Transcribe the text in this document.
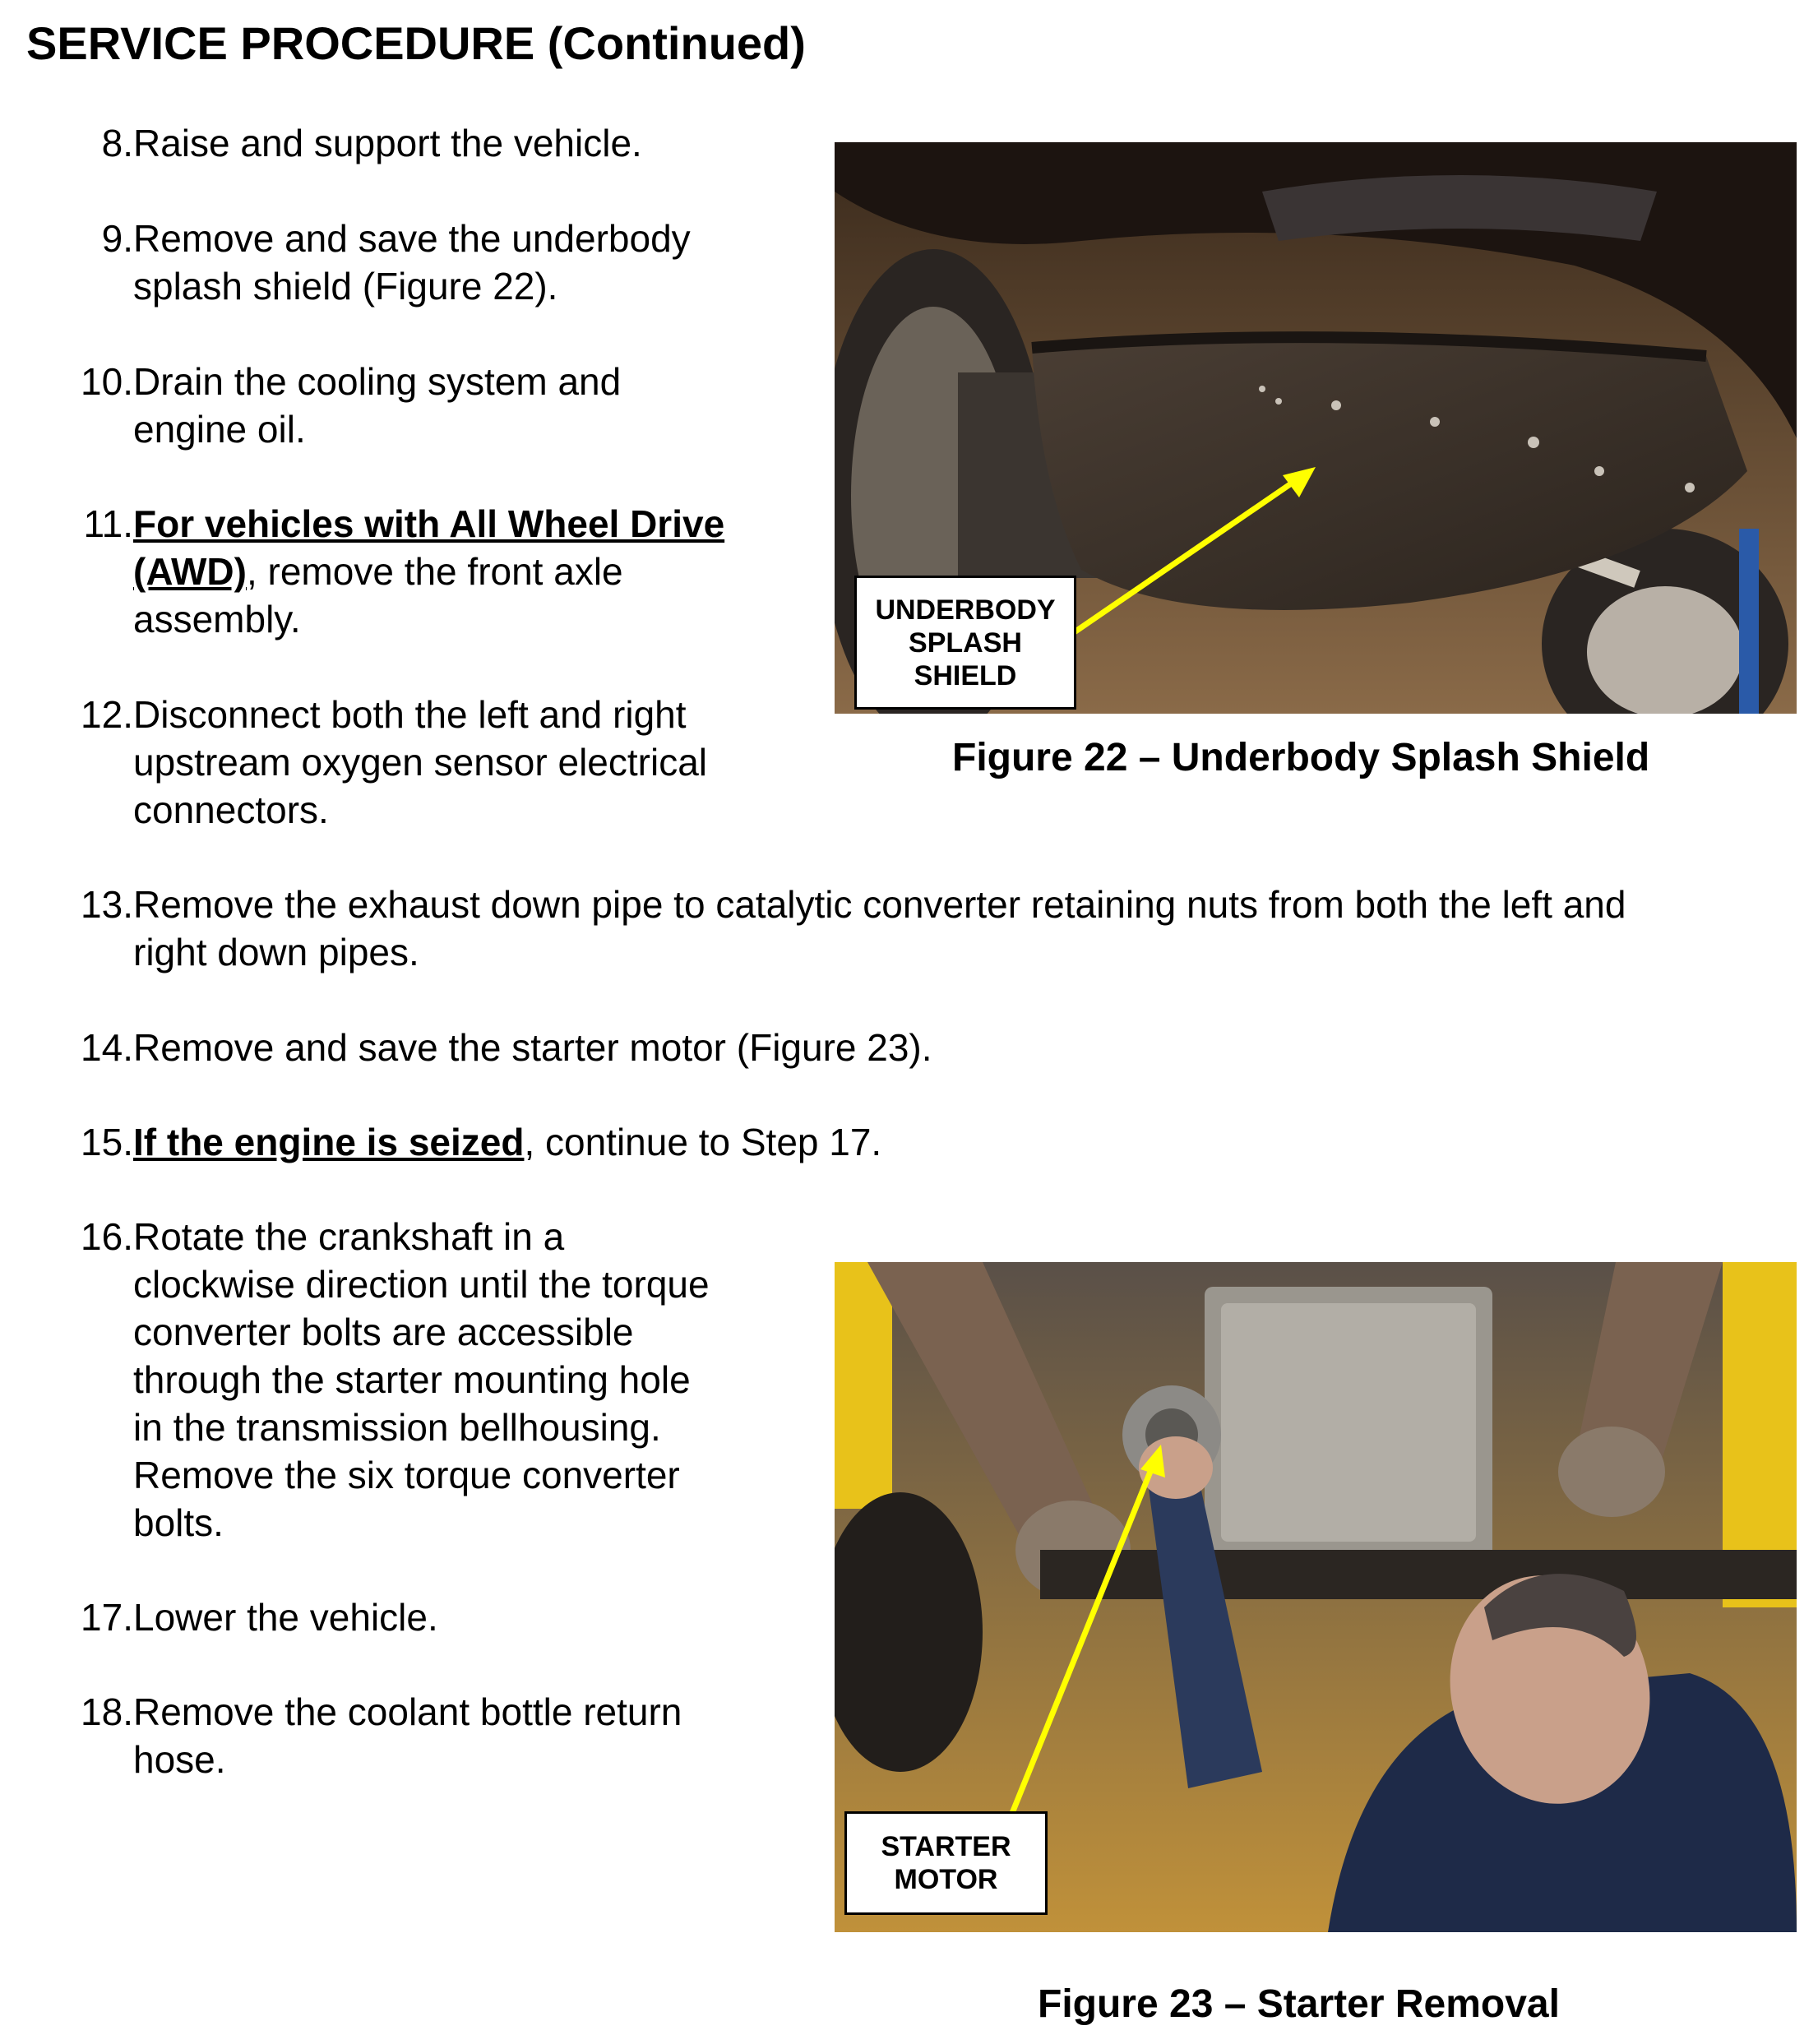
SERVICE PROCEDURE (Continued)
8. Raise and support the vehicle.
9. Remove and save the underbody
splash shield (Figure 22).
10. Drain the cooling system and
engine oil.
11. For vehicles with All Wheel Drive
(AWD), remove the front axle
assembly.
12. Disconnect both the left and right
upstream oxygen sensor electrical
connectors.
13. Remove the exhaust down pipe to catalytic converter retaining nuts from both the left and
right down pipes.
14. Remove and save the starter motor (Figure 23).
15. If the engine is seized, continue to Step 17.
16. Rotate the crankshaft in a
clockwise direction until the torque
converter bolts are accessible
through the starter mounting hole
in the transmission bellhousing.
Remove the six torque converter
bolts.
17. Lower the vehicle.
18. Remove the coolant bottle return
hose.
UNDERBODY
SPLASH
SHIELD
Figure 22 – Underbody Splash Shield
STARTER
MOTOR
Figure 23 – Starter Removal
